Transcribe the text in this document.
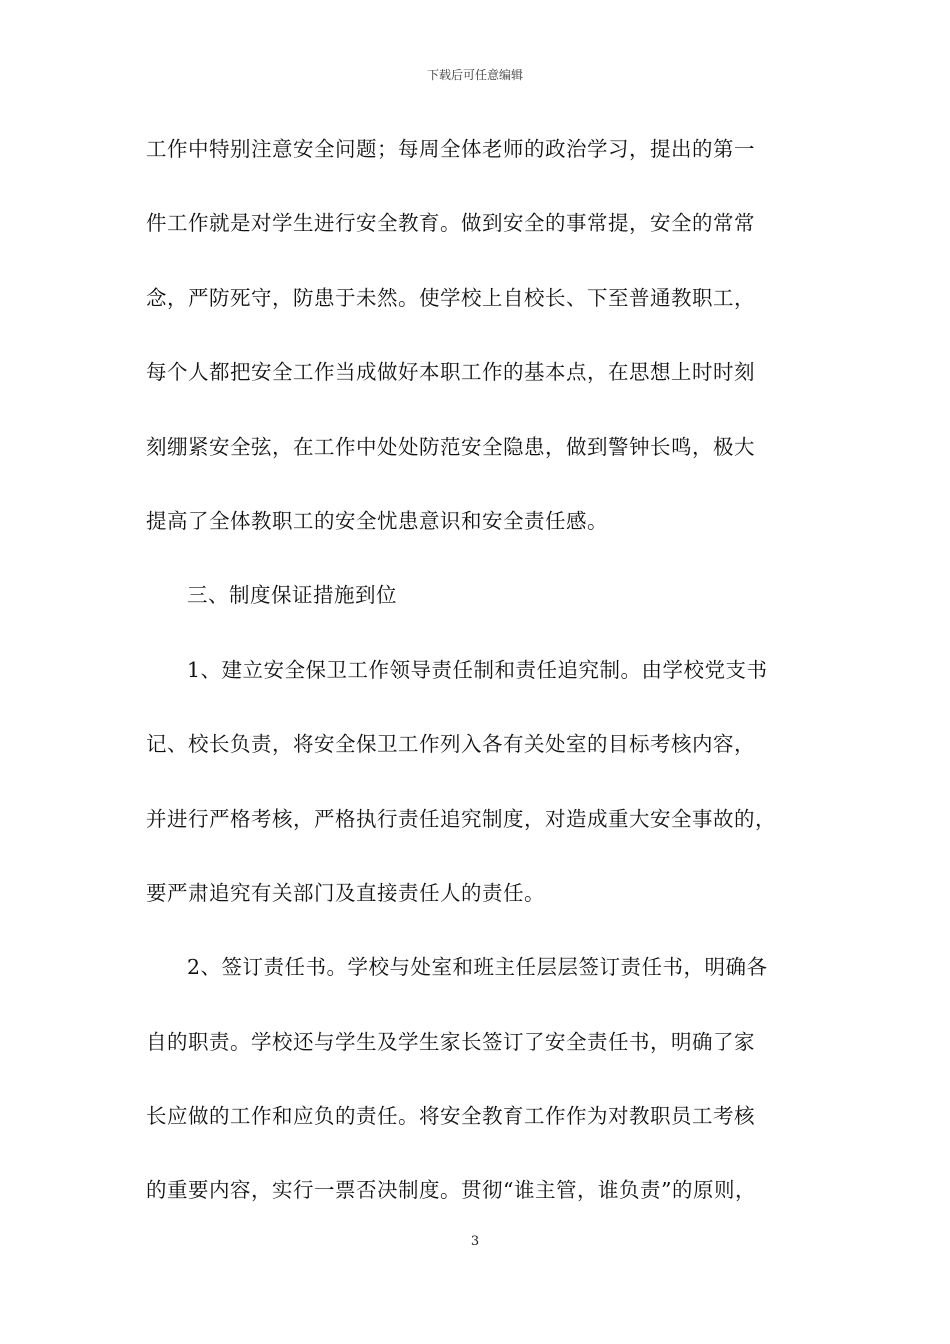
下载后可任意编辑
工作中特别注意安全问题；每周全体老师的政治学习，提出的第一
件工作就是对学生进行安全教育。做到安全的事常提，安全的常常
念，严防死守，防患于未然。使学校上自校长、下至普通教职工，
每个人都把安全工作当成做好本职工作的基本点，在思想上时时刻
刻绷紧安全弦，在工作中处处防范安全隐患，做到警钟长鸣，极大
提高了全体教职工的安全忧患意识和安全责任感。
三、制度保证措施到位
1、建立安全保卫工作领导责任制和责任追究制。由学校党支书
记、校长负责，将安全保卫工作列入各有关处室的目标考核内容，
并进行严格考核，严格执行责任追究制度，对造成重大安全事故的，
要严肃追究有关部门及直接责任人的责任。
2、签订责任书。学校与处室和班主任层层签订责任书，明确各
自的职责。学校还与学生及学生家长签订了安全责任书，明确了家
长应做的工作和应负的责任。将安全教育工作作为对教职员工考核
的重要内容，实行一票否决制度。贯彻“谁主管，谁负责”的原则，
3
